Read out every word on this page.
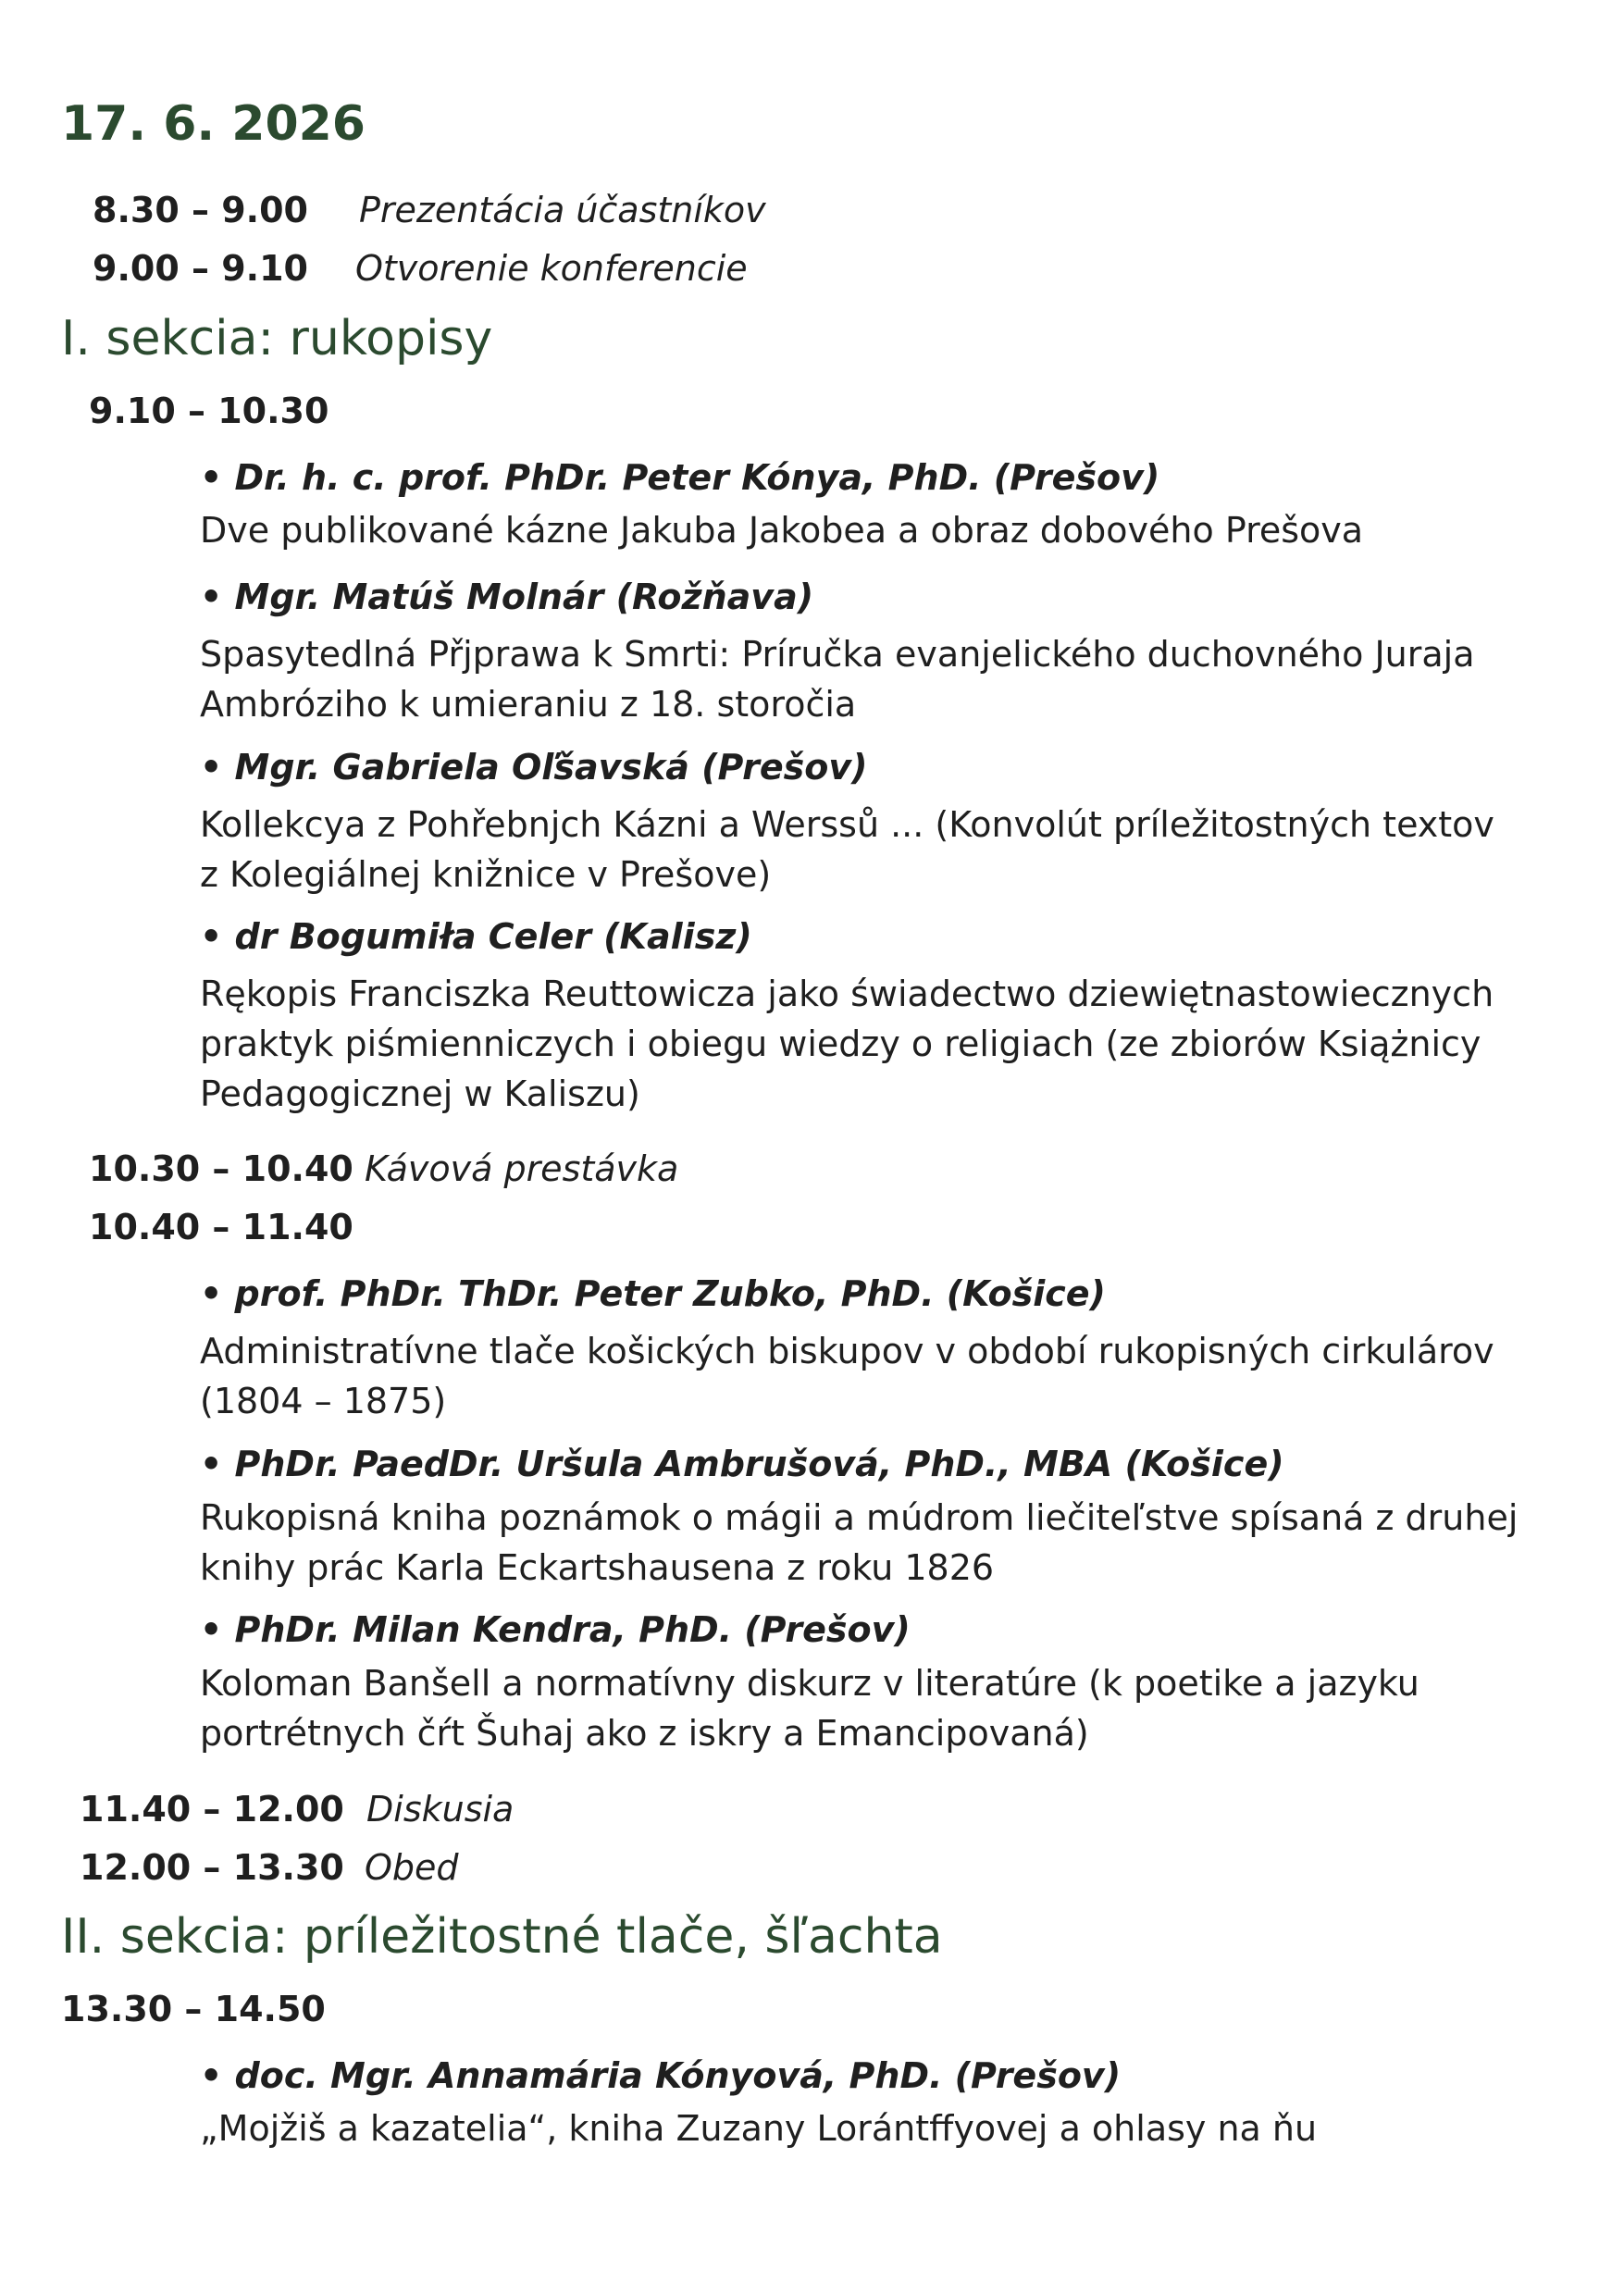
17. 6. 2026
8.30 – 9.00 Prezentácia účastníkov
9.00 – 9.10 Otvorenie konferencie
I. sekcia: rukopisy
9.10 – 10.30
• Dr. h. c. prof. PhDr. Peter Kónya, PhD. (Prešov)
Dve publikované kázne Jakuba Jakobea a obraz dobového Prešova
• Mgr. Matúš Molnár (Rožňava)
Spasytedlná Přjprawa k Smrti: Príručka evanjelického duchovného Juraja
Ambróziho k umieraniu z 18. storočia
• Mgr. Gabriela Oľšavská (Prešov)
Kollekcya z Pohřebnjch Kázni a Werssů ... (Konvolút príležitostných textov
z Kolegiálnej knižnice v Prešove)
• dr Bogumiła Celer (Kalisz)
Rękopis Franciszka Reuttowicza jako świadectwo dziewiętnastowiecznych
praktyk piśmienniczych i obiegu wiedzy o religiach (ze zbiorów Książnicy
Pedagogicznej w Kaliszu)
10.30 – 10.40 Kávová prestávka
10.40 – 11.40
• prof. PhDr. ThDr. Peter Zubko, PhD. (Košice)
Administratívne tlače košických biskupov v období rukopisných cirkulárov
(1804 – 1875)
• PhDr. PaedDr. Uršula Ambrušová, PhD., MBA (Košice)
Rukopisná kniha poznámok o mágii a múdrom liečiteľstve spísaná z druhej
knihy prác Karla Eckartshausena z roku 1826
• PhDr. Milan Kendra, PhD. (Prešov)
Koloman Banšell a normatívny diskurz v literatúre (k poetike a jazyku
portrétnych čŕt Šuhaj ako z iskry a Emancipovaná)
11.40 – 12.00 Diskusia
12.00 – 13.30 Obed
II. sekcia: príležitostné tlače, šľachta
13.30 – 14.50
• doc. Mgr. Annamária Kónyová, PhD. (Prešov)
„Mojžiš a kazatelia“, kniha Zuzany Lorántffyovej a ohlasy na ňu
